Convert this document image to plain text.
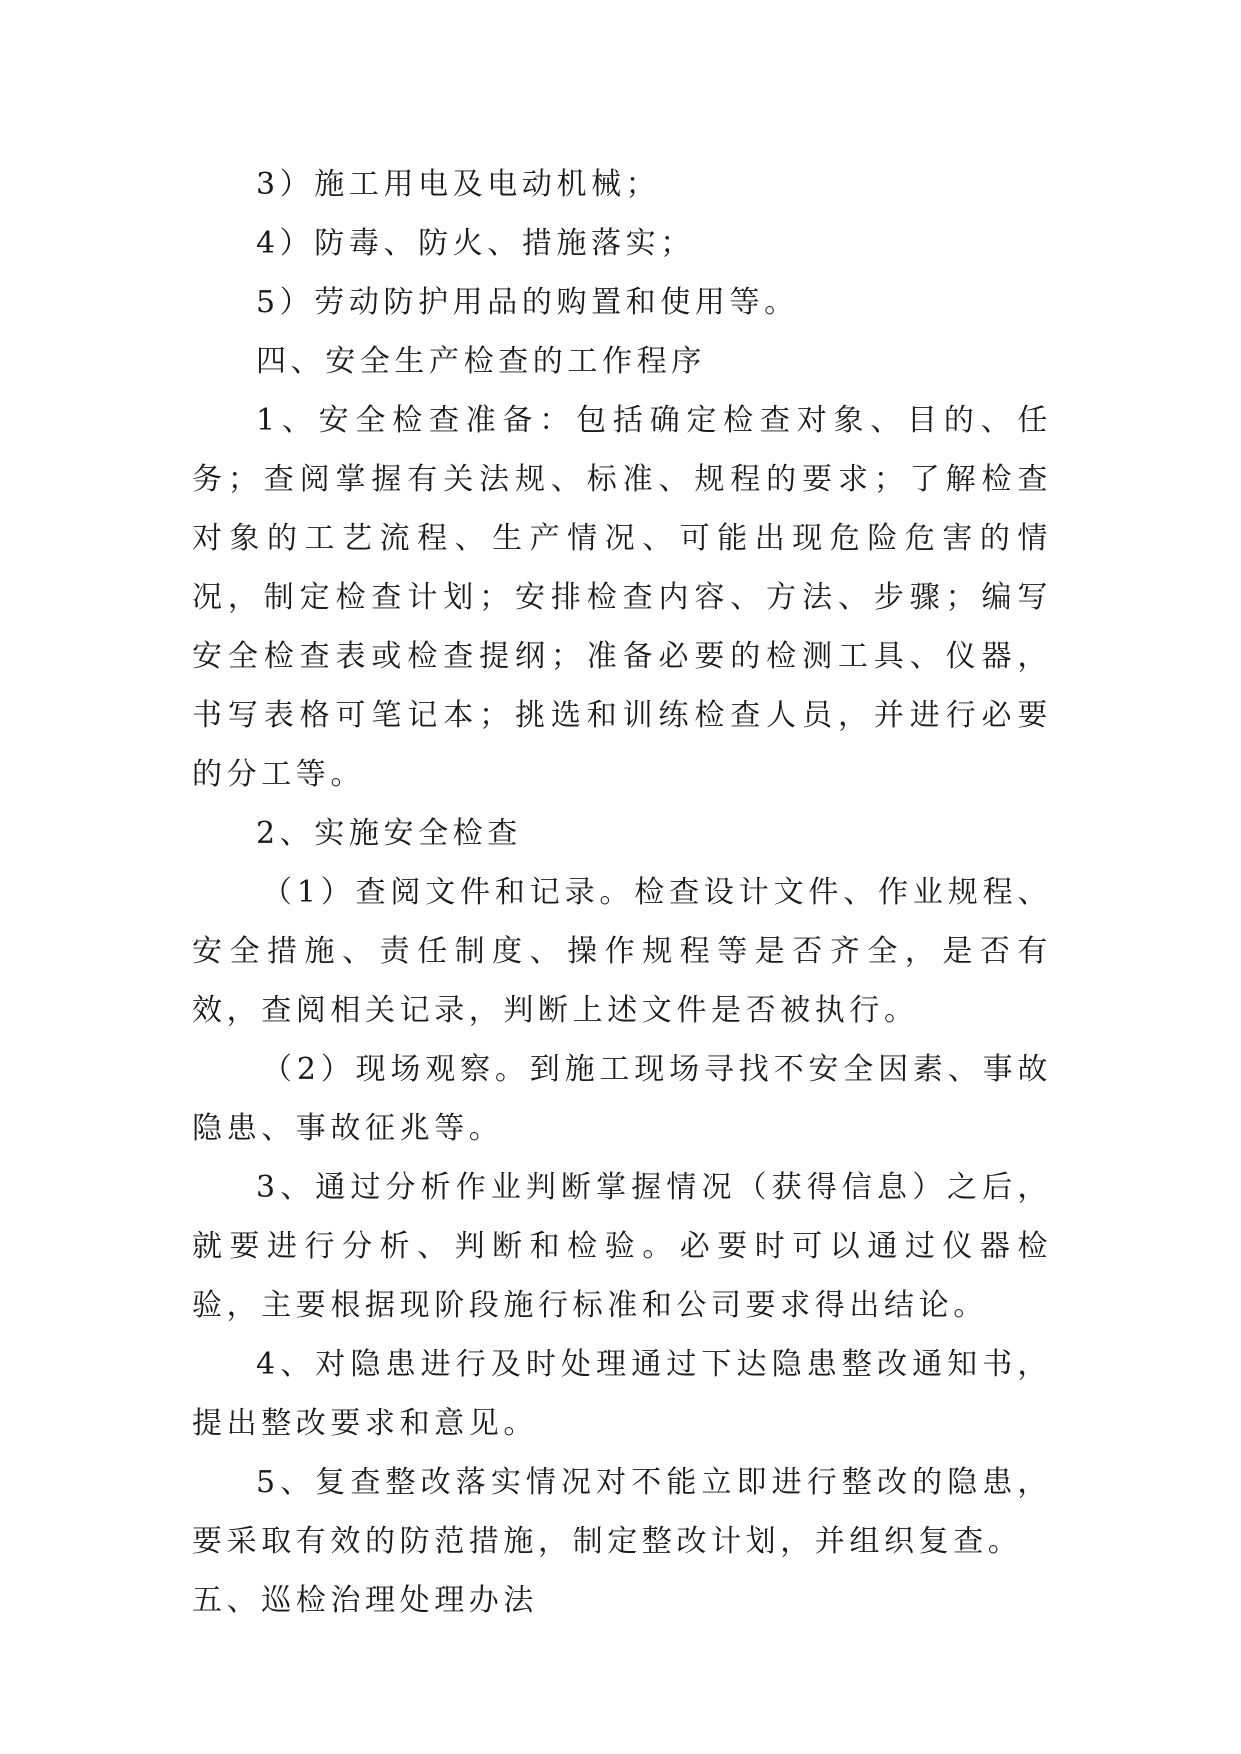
3）施工用电及电动机械；

4）防毒、防火、措施落实；

5）劳动防护用品的购置和使用等。

四、安全生产检查的工作程序

1、安全检查准备：包括确定检查对象、目的、任务；查阅掌握有关法规、标准、规程的要求；了解检查对象的工艺流程、生产情况、可能出现危险危害的情况，制定检查计划；安排检查内容、方法、步骤；编写安全检查表或检查提纲；准备必要的检测工具、仪器，书写表格可笔记本；挑选和训练检查人员，并进行必要的分工等。

2、实施安全检查

（1）查阅文件和记录。检查设计文件、作业规程、安全措施、责任制度、操作规程等是否齐全，是否有效，查阅相关记录，判断上述文件是否被执行。

（2）现场观察。到施工现场寻找不安全因素、事故隐患、事故征兆等。

3、通过分析作业判断掌握情况（获得信息）之后，就要进行分析、判断和检验。必要时可以通过仪器检验，主要根据现阶段施行标准和公司要求得出结论。

4、对隐患进行及时处理通过下达隐患整改通知书，提出整改要求和意见。

5、复查整改落实情况对不能立即进行整改的隐患，要采取有效的防范措施，制定整改计划，并组织复查。

五、巡检治理处理办法
